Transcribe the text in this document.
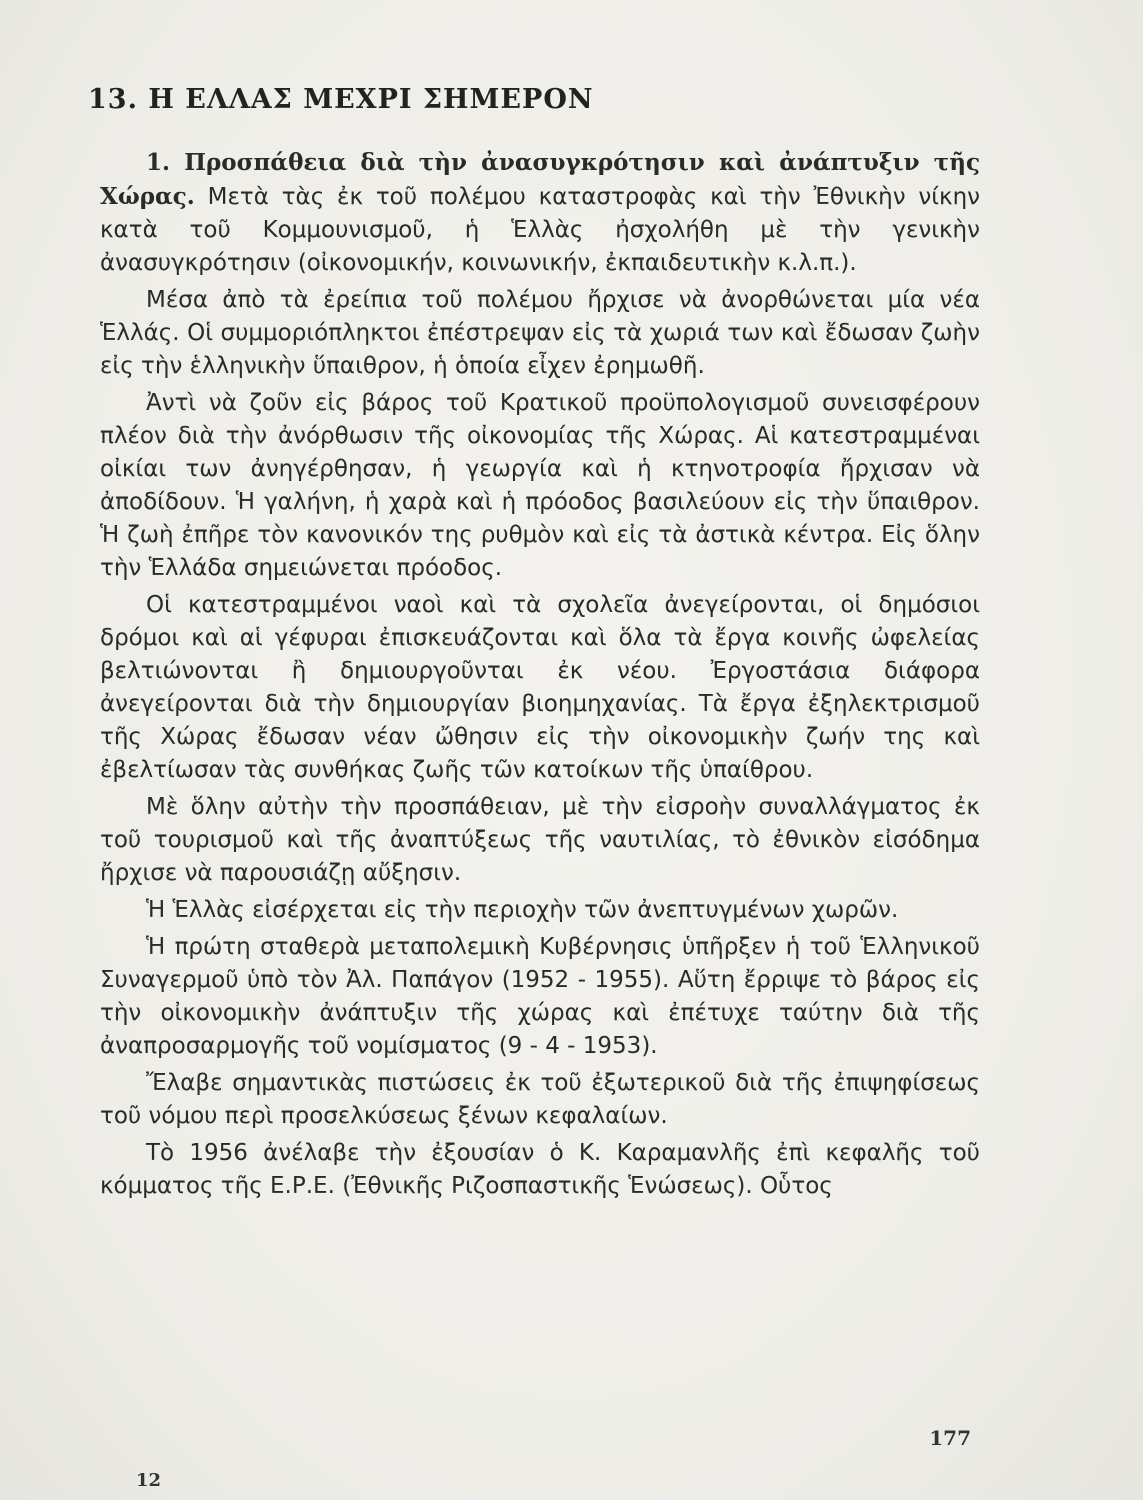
13. Η ΕΛΛΑΣ ΜΕΧΡΙ ΣΗΜΕΡΟΝ

1. Προσπάθεια διὰ τὴν ἀνασυγκρότησιν καὶ ἀνάπτυξιν τῆς Χώρας. Μετὰ τὰς ἐκ τοῦ πολέμου καταστροφὰς καὶ τὴν Ἐθνικὴν νίκην κατὰ τοῦ Κομμουνισμοῦ, ἡ Ἑλλὰς ἠσχολήθη μὲ τὴν γενικὴν ἀνασυγκρότησιν (οἰκονομικήν, κοινωνικήν, ἐκπαιδευτικὴν κ.λ.π.).

Μέσα ἀπὸ τὰ ἐρείπια τοῦ πολέμου ἤρχισε νὰ ἀνορθώνεται μία νέα Ἑλλάς. Οἱ συμμοριόπληκτοι ἐπέστρεψαν εἰς τὰ χωριά των καὶ ἔδωσαν ζωὴν εἰς τὴν ἑλληνικὴν ὕπαιθρον, ἡ ὁποία εἶχεν ἐρημωθῆ.

Ἀντὶ νὰ ζοῦν εἰς βάρος τοῦ Κρατικοῦ προϋπολογισμοῦ συνεισφέρουν πλέον διὰ τὴν ἀνόρθωσιν τῆς οἰκονομίας τῆς Χώρας. Αἱ κατεστραμμέναι οἰκίαι των ἀνηγέρθησαν, ἡ γεωργία καὶ ἡ κτηνοτροφία ἤρχισαν νὰ ἀποδίδουν. Ἡ γαλήνη, ἡ χαρὰ καὶ ἡ πρόοδος βασιλεύουν εἰς τὴν ὕπαιθρον. Ἡ ζωὴ ἐπῆρε τὸν κανονικόν της ρυθμὸν καὶ εἰς τὰ ἀστικὰ κέντρα. Εἰς ὅλην τὴν Ἑλλάδα σημειώνεται πρόοδος.

Οἱ κατεστραμμένοι ναοὶ καὶ τὰ σχολεῖα ἀνεγείρονται, οἱ δημόσιοι δρόμοι καὶ αἱ γέφυραι ἐπισκευάζονται καὶ ὅλα τὰ ἔργα κοινῆς ὠφελείας βελτιώνονται ἢ δημιουργοῦνται ἐκ νέου. Ἐργοστάσια διάφορα ἀνεγείρονται διὰ τὴν δημιουργίαν βιοημηχανίας. Τὰ ἔργα ἐξηλεκτρισμοῦ τῆς Χώρας ἔδωσαν νέαν ὤθησιν εἰς τὴν οἰκονομικὴν ζωήν της καὶ ἐβελτίωσαν τὰς συνθήκας ζωῆς τῶν κατοίκων τῆς ὑπαίθρου.

Μὲ ὅλην αὐτὴν τὴν προσπάθειαν, μὲ τὴν εἰσροὴν συναλλάγματος ἐκ τοῦ τουρισμοῦ καὶ τῆς ἀναπτύξεως τῆς ναυτιλίας, τὸ ἐθνικὸν εἰσόδημα ἤρχισε νὰ παρουσιάζῃ αὔξησιν.

Ἡ Ἑλλὰς εἰσέρχεται εἰς τὴν περιοχὴν τῶν ἀνεπτυγμένων χωρῶν.

Ἡ πρώτη σταθερὰ μεταπολεμικὴ Κυβέρνησις ὑπῆρξεν ἡ τοῦ Ἑλληνικοῦ Συναγερμοῦ ὑπὸ τὸν Ἀλ. Παπάγον (1952 - 1955). Αὕτη ἔρριψε τὸ βάρος εἰς τὴν οἰκονομικὴν ἀνάπτυξιν τῆς χώρας καὶ ἐπέτυχε ταύτην διὰ τῆς ἀναπροσαρμογῆς τοῦ νομίσματος (9 - 4 - 1953).

Ἔλαβε σημαντικὰς πιστώσεις ἐκ τοῦ ἐξωτερικοῦ διὰ τῆς ἐπιψηφίσεως τοῦ νόμου περὶ προσελκύσεως ξένων κεφαλαίων.

Τὸ 1956 ἀνέλαβε τὴν ἐξουσίαν ὁ Κ. Καραμανλῆς ἐπὶ κεφαλῆς τοῦ κόμματος τῆς Ε.Ρ.Ε. (Ἐθνικῆς Ριζοσπαστικῆς Ἑνώσεως). Οὗτος

177
12
